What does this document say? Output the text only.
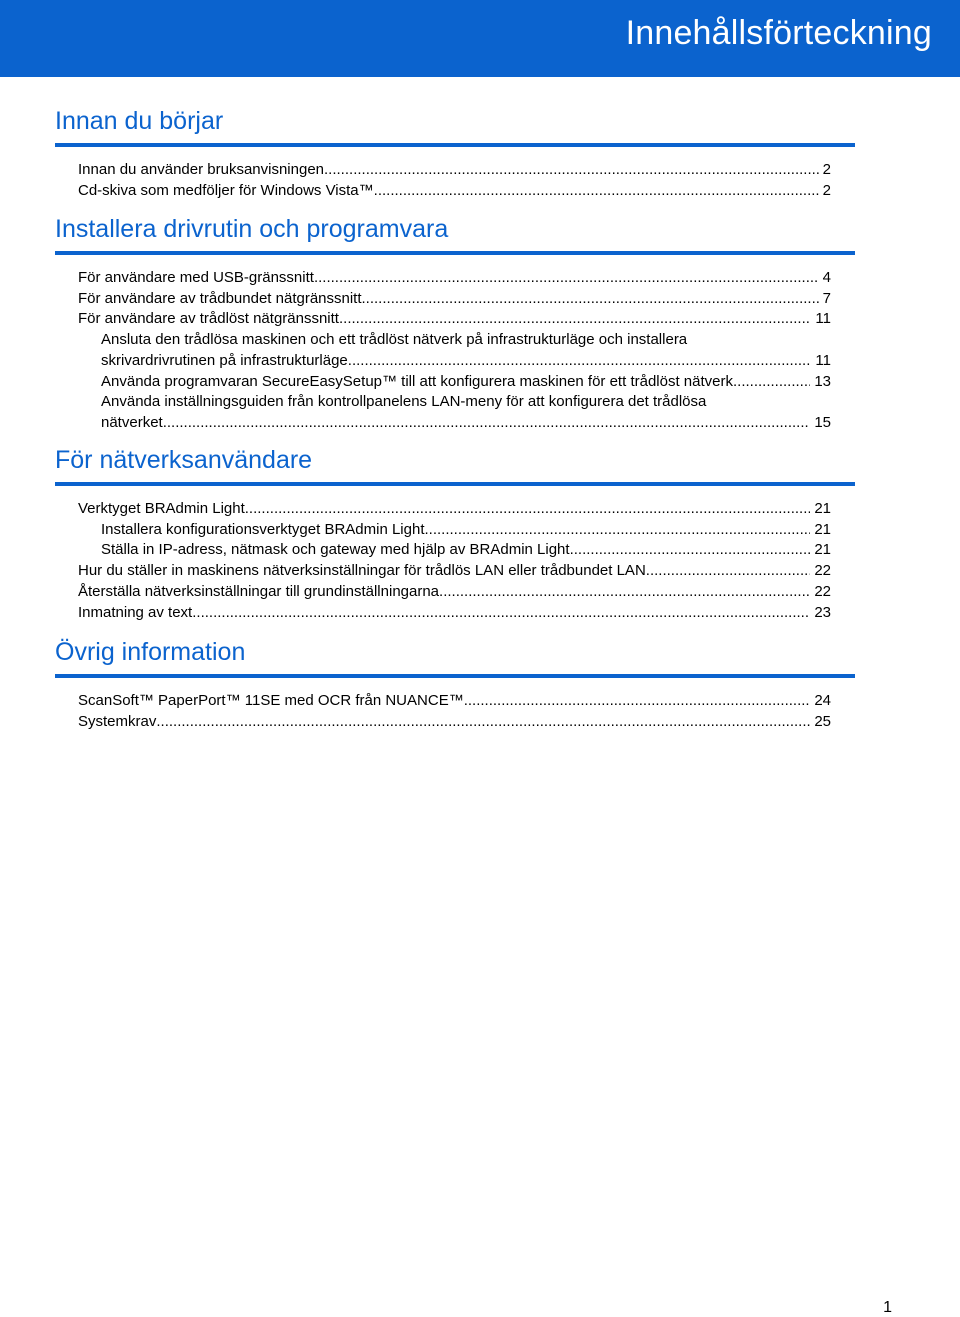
Innehållsförteckning
Innan du börjar
Innan du använder bruksanvisningen .....	2
Cd-skiva som medföljer för Windows Vista™ .....	2
Installera drivrutin och programvara
För användare med USB-gränssnitt .....	4
För användare av trådbundet nätgränssnitt .....	7
För användare av trådlöst nätgränssnitt .....	11
Ansluta den trådlösa maskinen och ett trådlöst nätverk på infrastrukturläge och installera
skrivardrivrutinen på infrastrukturläge .....	11
Använda programvaran SecureEasySetup™ till att konfigurera maskinen för ett trådlöst nätverk .....	13
Använda inställningsguiden från kontrollpanelens LAN-meny för att konfigurera det trådlösa
nätverket .....	15
För nätverksanvändare
Verktyget BRAdmin Light .....	21
Installera konfigurationsverktyget BRAdmin Light .....	21
Ställa in IP-adress, nätmask och gateway med hjälp av BRAdmin Light .....	21
Hur du ställer in maskinens nätverksinställningar för trådlös LAN eller trådbundet LAN .....	22
Återställa nätverksinställningar till grundinställningarna .....	22
Inmatning av text .....	23
Övrig information
ScanSoft™ PaperPort™ 11SE med OCR från NUANCE™ .....	24
Systemkrav .....	25
1
